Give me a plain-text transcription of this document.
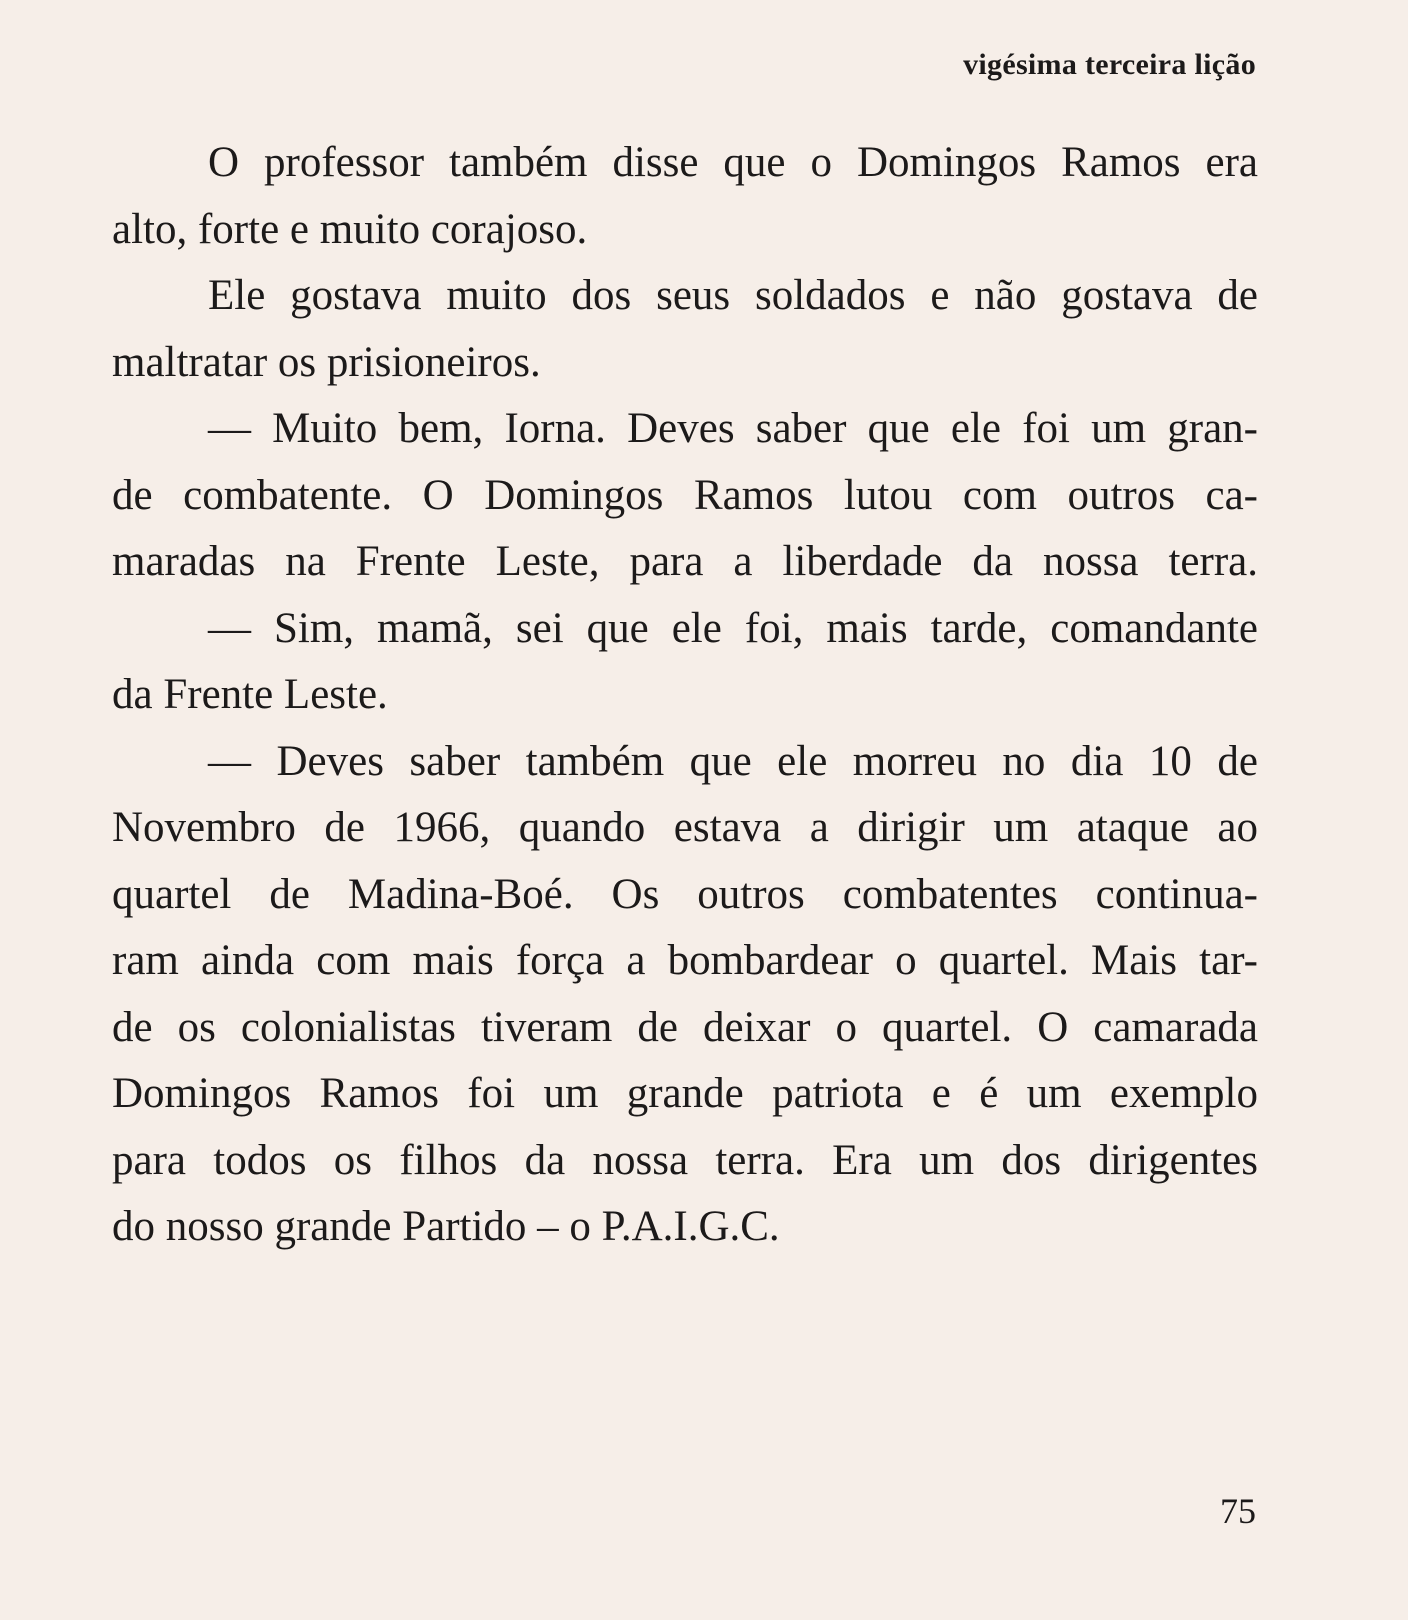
vigésima terceira lição
O professor também disse que o Domingos Ramos era
alto, forte e muito corajoso.
Ele gostava muito dos seus soldados e não gostava de
maltratar os prisioneiros.
— Muito bem, Iorna. Deves saber que ele foi um gran-
de combatente. O Domingos Ramos lutou com outros ca-
maradas na Frente Leste, para a liberdade da nossa terra.
— Sim, mamã, sei que ele foi, mais tarde, comandante
da Frente Leste.
— Deves saber também que ele morreu no dia 10 de
Novembro de 1966, quando estava a dirigir um ataque ao
quartel de Madina-Boé. Os outros combatentes continua-
ram ainda com mais força a bombardear o quartel. Mais tar-
de os colonialistas tiveram de deixar o quartel. O camarada
Domingos Ramos foi um grande patriota e é um exemplo
para todos os filhos da nossa terra. Era um dos dirigentes
do nosso grande Partido – o P.A.I.G.C.
75
